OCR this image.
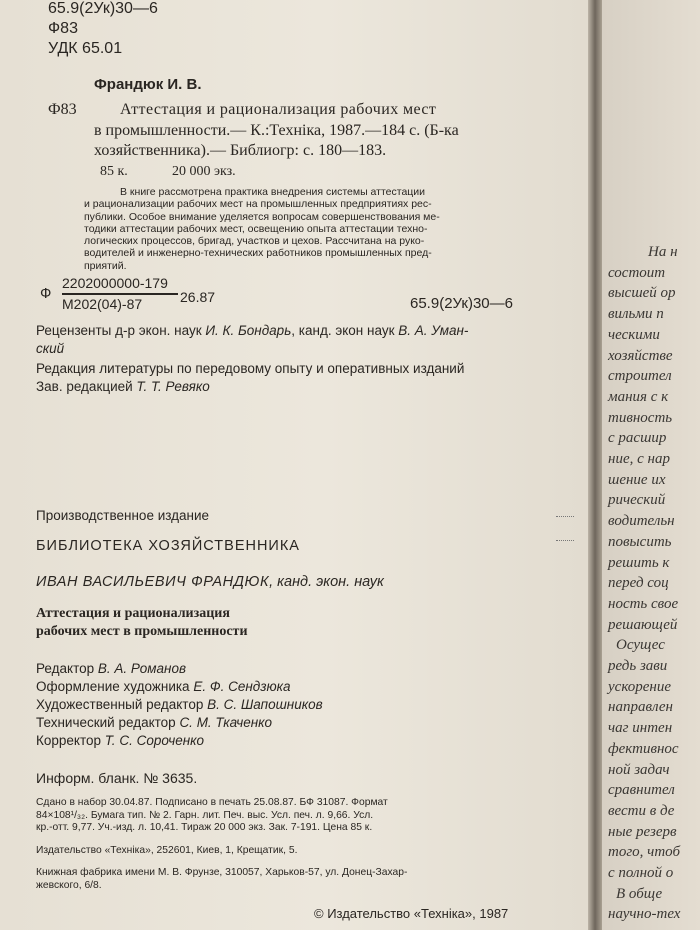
65.9(2Ук)30—6
Ф83
УДК 65.01
Франдюк И. В.
Ф83	Аттестация и рационализация рабочих мест
в промышленности.— К.:Техніка, 1987.—184 с. (Б-ка
хозяйственника).— Библиогр: с. 180—183.
85 к.	20 000 экз.
В книге рассмотрена практика внедрения системы аттестации
и рационализации рабочих мест на промышленных предприятиях рес-
публики. Особое внимание уделяется вопросам совершенствования ме-
тодики аттестации рабочих мест, освещению опыта аттестации техно-
логических процессов, бригад, участков и цехов. Рассчитана на руко-
водителей и инженерно-технических работников промышленных пред-
приятий.
Ф
2202000000-179
М202(04)-87	26.87	65.9(2Ук)30—6
Рецензенты д-р экон. наук И. К. Бондарь, канд. экон наук В. А. Уман-
ский
Редакция литературы по передовому опыту и оперативных изданий
Зав. редакцией Т. Т. Ревяко
Производственное издание
БИБЛИОТЕКА ХОЗЯЙСТВЕННИКА
ИВАН ВАСИЛЬЕВИЧ ФРАНДЮК, канд. экон. наук
Аттестация и рационализация
рабочих мест в промышленности
Редактор В. А. Романов
Оформление художника Е. Ф. Сендзюка
Художественный редактор В. С. Шапошников
Технический редактор С. М. Ткаченко
Корректор Т. С. Сороченко
Информ. бланк. № 3635.
Сдано в набор 30.04.87. Подписано в печать 25.08.87. БФ 31087. Формат
84×108¹/₃₂. Бумага тип. № 2. Гарн. лит. Печ. выс. Усл. печ. л. 9,66. Усл.
кр.-отт. 9,77. Уч.-изд. л. 10,41. Тираж 20 000 экз. Зак. 7-191. Цена 85 к.
Издательство «Техніка», 252601, Киев, 1, Крещатик, 5.
Книжная фабрика имени М. В. Фрунзе, 310057, Харьков-57, ул. Донец-Захар-
жевского, 6/8.
© Издательство «Техніка», 1987
На н
состоит
высшей ор
вильми п
ческими
хозяйстве
строител
мания с к
тивность
с расшир
ние, с нар
шение их
рический
водительн
повысить
решить к
перед соц
ность свое
решающей
Осущес
редь зави
ускорение
направлен
чаг интен
фективнос
ной задач
сравнител
вести в де
ные резерв
того, чтоб
с полной о
В обще
научно-тех
